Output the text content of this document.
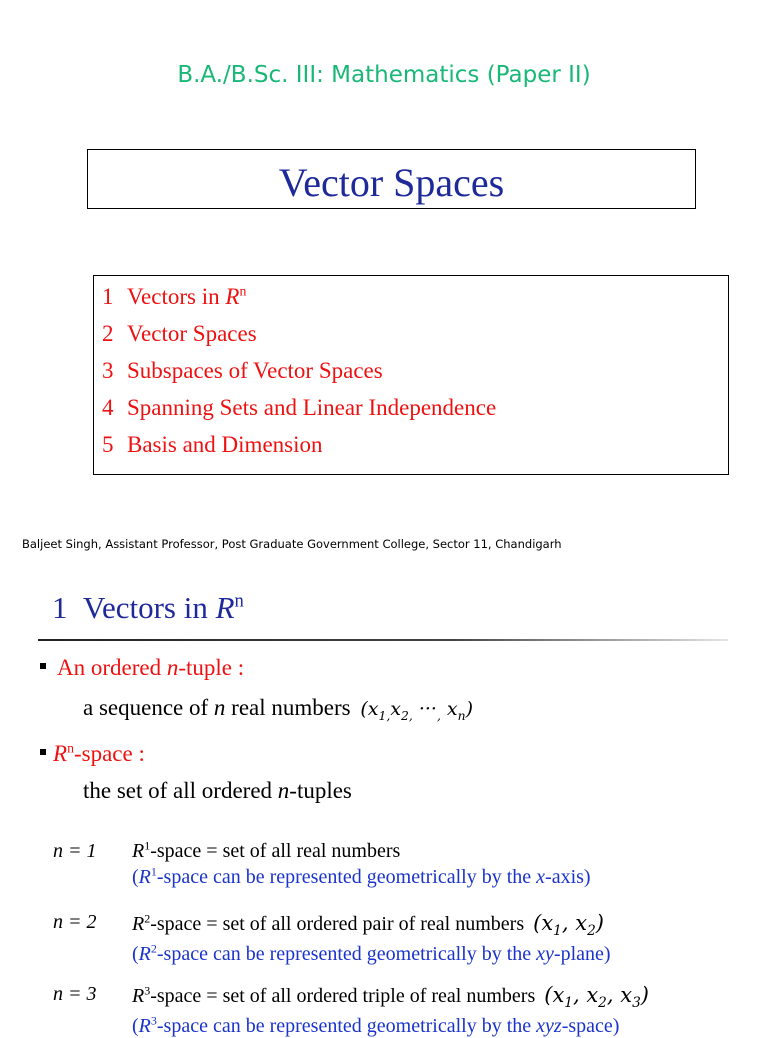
B.A./B.Sc. III: Mathematics (Paper II)
Vector Spaces
1 Vectors in $R^n$
2 Vector Spaces
3 Subspaces of Vector Spaces
4 Spanning Sets and Linear Independence
5 Basis and Dimension
Baljeet Singh, Assistant Professor, Post Graduate Government College, Sector 11, Chandigarh
1 Vectors in $R^n$
An ordered n-tuple :
a sequence of n real numbers ($x_{1,}x_{2,} \cdot\cdot\cdot_,$ $x_n$)
$R^n$-space :
the set of all ordered n-tuples
n = 1 $R^1$-space = set of all real numbers
($R^1$-space can be represented geometrically by the x-axis)
n = 2 $R^2$-space = set of all ordered pair of real numbers ($x_1$, $x_2$)
($R^2$-space can be represented geometrically by the xy-plane)
n = 3 $R^3$-space = set of all ordered triple of real numbers ($x_1$, $x_2$, $x_3$)
($R^3$-space can be represented geometrically by the xyz-space)
